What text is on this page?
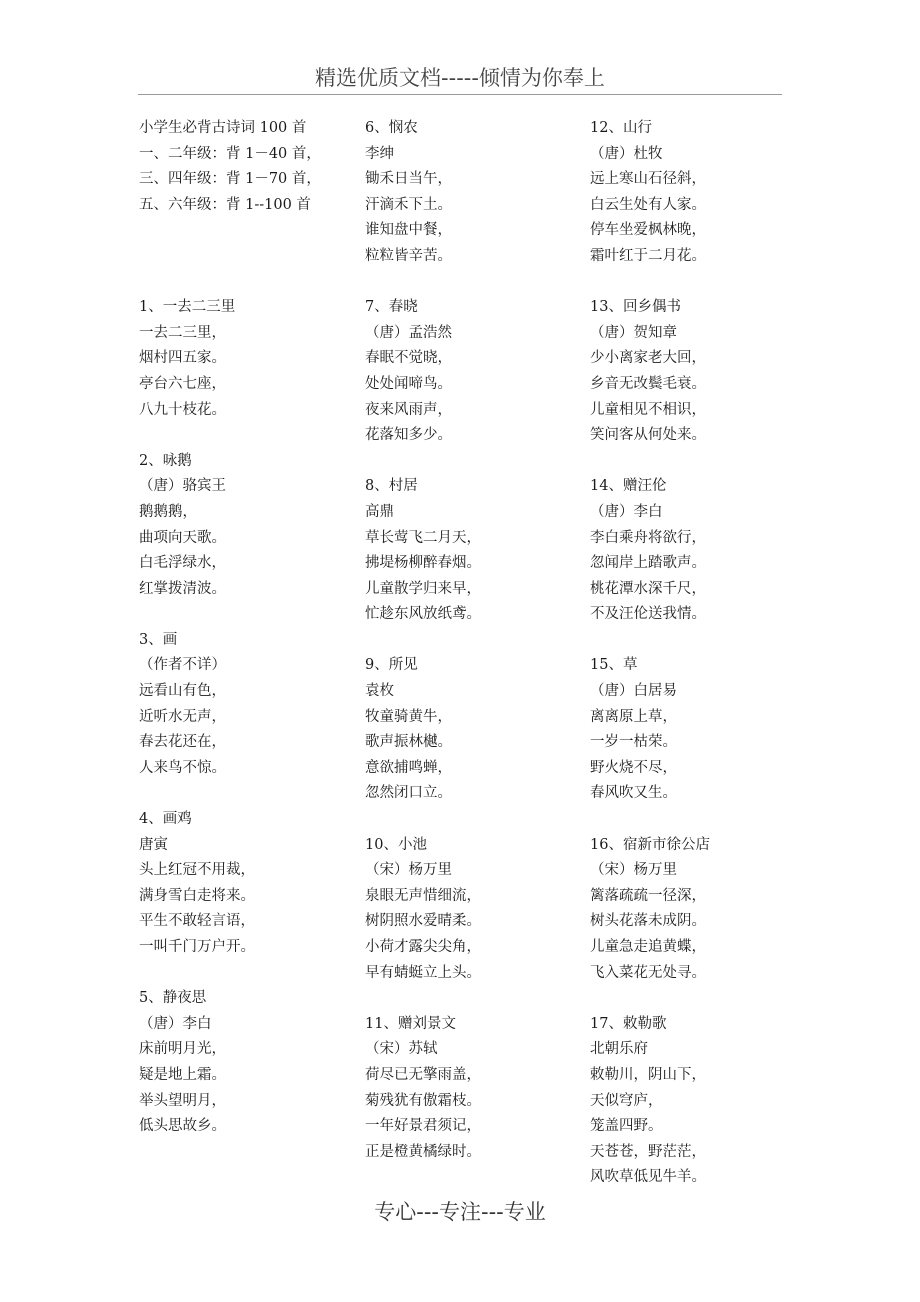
精选优质文档-----倾情为你奉上
小学生必背古诗词 100 首
一、二年级：背 1－40 首，
三、四年级：背 1－70 首，
五、六年级：背 1--100 首
1、一去二三里
一去二三里，
烟村四五家。
亭台六七座，
八九十枝花。
2、咏鹅
（唐）骆宾王
鹅鹅鹅，
曲项向天歌。
白毛浮绿水，
红掌拨清波。
3、画
（作者不详）
远看山有色，
近听水无声，
春去花还在，
人来鸟不惊。
4、画鸡
唐寅
头上红冠不用裁，
满身雪白走将来。
平生不敢轻言语，
一叫千门万户开。
5、静夜思
（唐）李白
床前明月光，
疑是地上霜。
举头望明月，
低头思故乡。
6、悯农
李绅
锄禾日当午，
汗滴禾下土。
谁知盘中餐，
粒粒皆辛苦。
7、春晓
（唐）孟浩然
春眠不觉晓，
处处闻啼鸟。
夜来风雨声，
花落知多少。
8、村居
高鼎
草长莺飞二月天，
拂堤杨柳醉春烟。
儿童散学归来早，
忙趁东风放纸鸢。
9、所见
袁枚
牧童骑黄牛，
歌声振林樾。
意欲捕鸣蝉，
忽然闭口立。
10、小池
（宋）杨万里
泉眼无声惜细流，
树阴照水爱晴柔。
小荷才露尖尖角，
早有蜻蜓立上头。
11、赠刘景文
（宋）苏轼
荷尽已无擎雨盖，
菊残犹有傲霜枝。
一年好景君须记，
正是橙黄橘绿时。
12、山行
（唐）杜牧
远上寒山石径斜，
白云生处有人家。
停车坐爱枫林晚，
霜叶红于二月花。
13、回乡偶书
（唐）贺知章
少小离家老大回，
乡音无改鬓毛衰。
儿童相见不相识，
笑问客从何处来。
14、赠汪伦
（唐）李白
李白乘舟将欲行，
忽闻岸上踏歌声。
桃花潭水深千尺，
不及汪伦送我情。
15、草
（唐）白居易
离离原上草，
一岁一枯荣。
野火烧不尽，
春风吹又生。
16、宿新市徐公店
（宋）杨万里
篱落疏疏一径深，
树头花落未成阴。
儿童急走追黄蝶，
飞入菜花无处寻。
17、敕勒歌
北朝乐府
敕勒川，阴山下，
天似穹庐，
笼盖四野。
天苍苍，野茫茫，
风吹草低见牛羊。
专心---专注---专业
